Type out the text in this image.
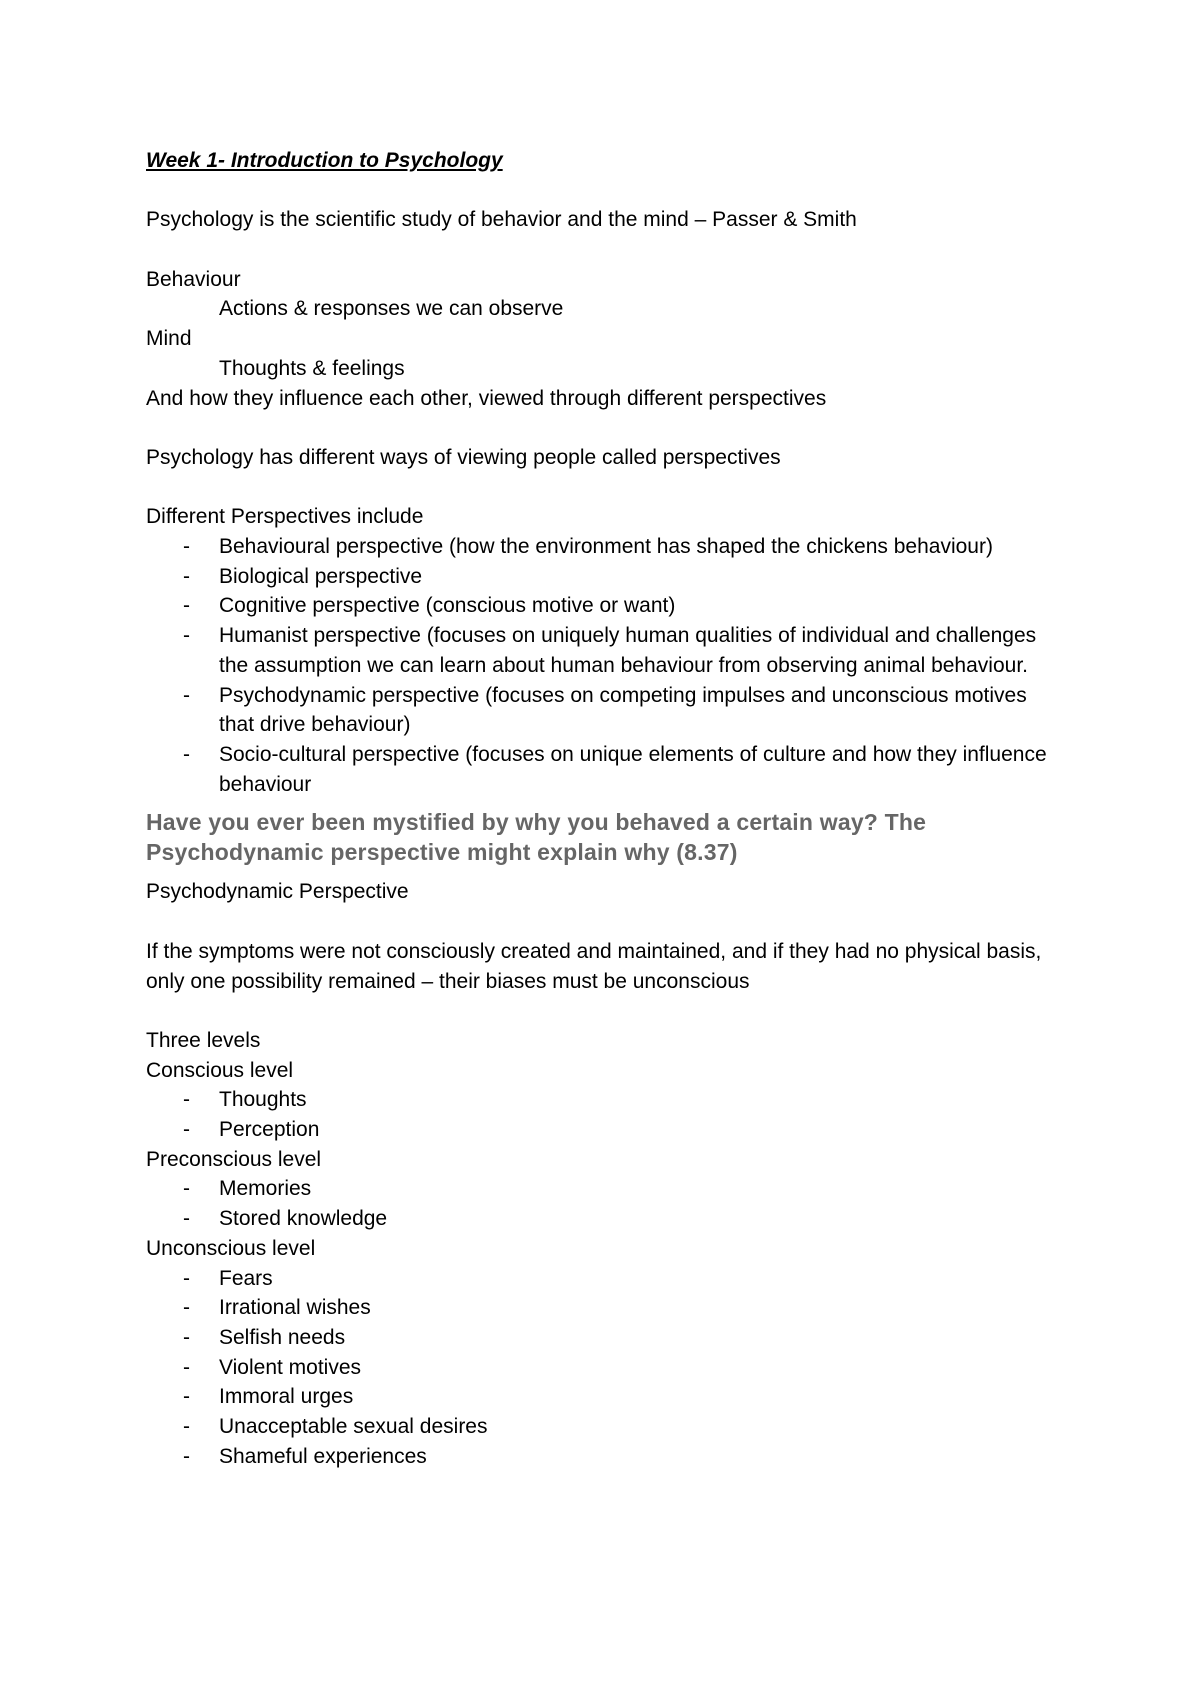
Week 1- Introduction to Psychology
Psychology is the scientific study of behavior and the mind – Passer & Smith
Behaviour
Actions & responses we can observe
Mind
Thoughts & feelings
And how they influence each other, viewed through different perspectives
Psychology has different ways of viewing people called perspectives
Different Perspectives include
- Behavioural perspective (how the environment has shaped the chickens behaviour)
- Biological perspective
- Cognitive perspective (conscious motive or want)
- Humanist perspective (focuses on uniquely human qualities of individual and challenges the assumption we can learn about human behaviour from observing animal behaviour.
- Psychodynamic perspective (focuses on competing impulses and unconscious motives that drive behaviour)
- Socio-cultural perspective (focuses on unique elements of culture and how they influence behaviour
Have you ever been mystified by why you behaved a certain way? The Psychodynamic perspective might explain why (8.37)
Psychodynamic Perspective
If the symptoms were not consciously created and maintained, and if they had no physical basis, only one possibility remained – their biases must be unconscious
Three levels
Conscious level
- Thoughts
- Perception
Preconscious level
- Memories
- Stored knowledge
Unconscious level
- Fears
- Irrational wishes
- Selfish needs
- Violent motives
- Immoral urges
- Unacceptable sexual desires
- Shameful experiences
